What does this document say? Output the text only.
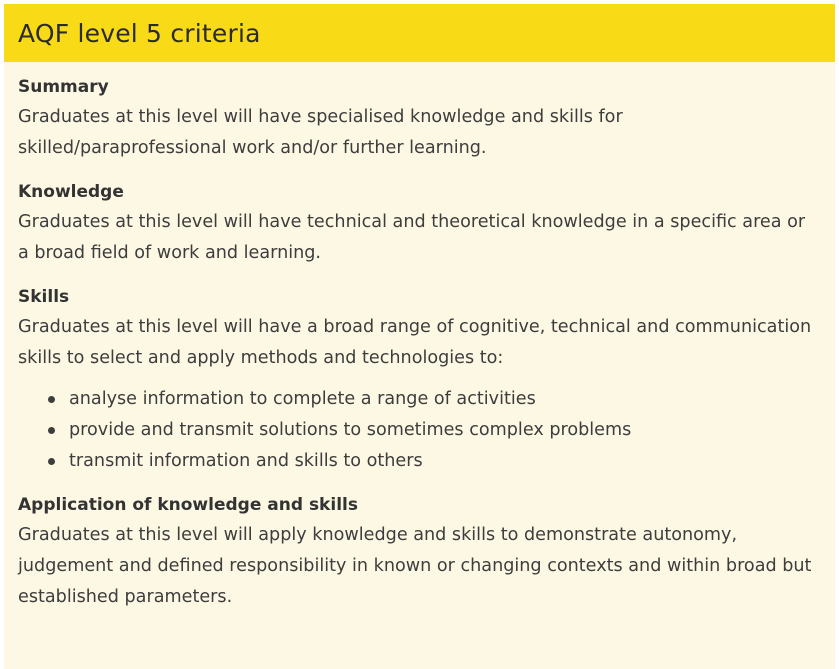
AQF level 5 criteria
Summary

Graduates at this level will have specialised knowledge and skills for skilled/paraprofessional work and/or further learning.

Knowledge

Graduates at this level will have technical and theoretical knowledge in a specific area or a broad field of work and learning.

Skills

Graduates at this level will have a broad range of cognitive, technical and communication skills to select and apply methods and technologies to:

analyse information to complete a range of activities
provide and transmit solutions to sometimes complex problems
transmit information and skills to others
Application of knowledge and skills

Graduates at this level will apply knowledge and skills to demonstrate autonomy, judgement and defined responsibility in known or changing contexts and within broad but established parameters.
